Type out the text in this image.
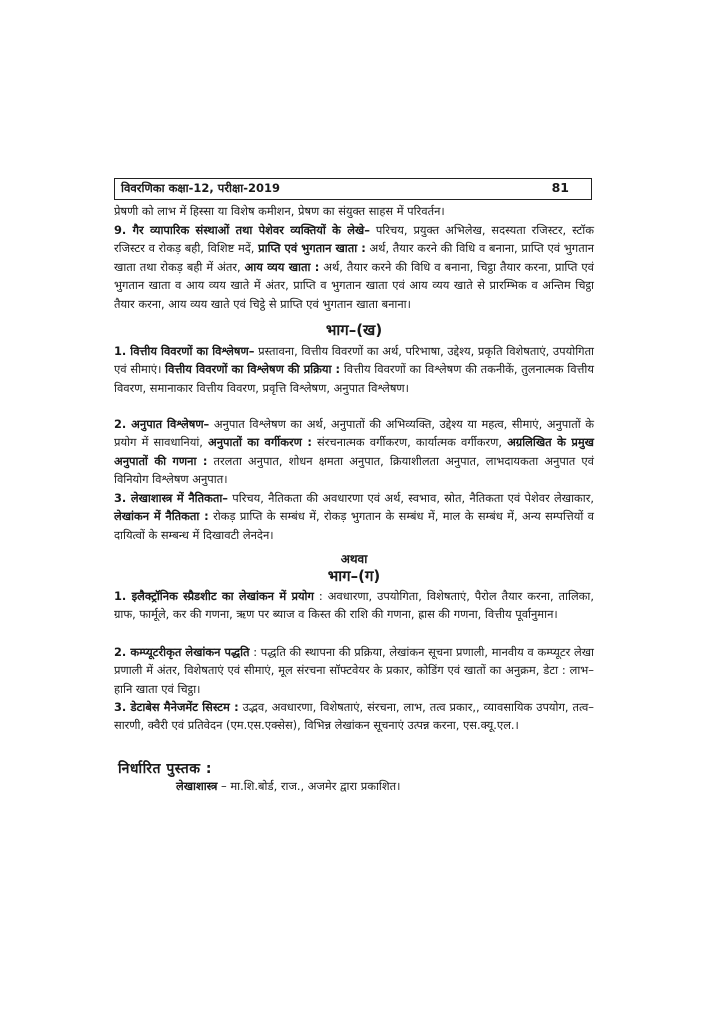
विवरणिका कक्षा-12, परीक्षा-2019	81
प्रेषणी को लाभ में हिस्सा या विशेष कमीशन, प्रेषण का संयुक्त साहस में परिवर्तन।
9. गैर व्यापारिक संस्थाओं तथा पेशेवर व्यक्तियों के लेखे– परिचय, प्रयुक्त अभिलेख, सदस्यता रजिस्टर, स्टॉक रजिस्टर व रोकड़ बही, विशिष्ट मदें, प्राप्ति एवं भुगतान खाता : अर्थ, तैयार करने की विधि व बनाना, प्राप्ति एवं भुगतान खाता तथा रोकड़ बही में अंतर, आय व्यय खाता : अर्थ, तैयार करने की विधि व बनाना, चिट्ठा तैयार करना, प्राप्ति एवं भुगतान खाता व आय व्यय खाते में अंतर, प्राप्ति व भुगतान खाता एवं आय व्यय खाते से प्रारम्भिक व अन्तिम चिट्ठा तैयार करना, आय व्यय खाते एवं चिट्ठे से प्राप्ति एवं भुगतान खाता बनाना।
भाग–(ख)
1. वित्तीय विवरणों का विश्लेषण– प्रस्तावना, वित्तीय विवरणों का अर्थ, परिभाषा, उद्देश्य, प्रकृति विशेषताएं, उपयोगिता एवं सीमाएं। वित्तीय विवरणों का विश्लेषण की प्रक्रिया : वित्तीय विवरणों का विश्लेषण की तकनीकें, तुलनात्मक वित्तीय विवरण, समानाकार वित्तीय विवरण, प्रवृत्ति विश्लेषण, अनुपात विश्लेषण।
2. अनुपात विश्लेषण– अनुपात विश्लेषण का अर्थ, अनुपातों की अभिव्यक्ति, उद्देश्य या महत्व, सीमाएं, अनुपातों के प्रयोग में सावधानियां, अनुपातों का वर्गीकरण : संरचनात्मक वर्गीकरण, कार्यात्मक वर्गीकरण, अग्रलिखित के प्रमुख अनुपातों की गणना : तरलता अनुपात, शोधन क्षमता अनुपात, क्रियाशीलता अनुपात, लाभदायकता अनुपात एवं विनियोग विश्लेषण अनुपात।
3. लेखाशास्त्र में नैतिकता– परिचय, नैतिकता की अवधारणा एवं अर्थ, स्वभाव, स्रोत, नैतिकता एवं पेशेवर लेखाकार, लेखांकन में नैतिकता : रोकड़ प्राप्ति के सम्बंध में, रोकड़ भुगतान के सम्बंध में, माल के सम्बंध में, अन्य सम्पत्तियों व दायित्वों के सम्बन्ध में दिखावटी लेनदेन।
अथवा
भाग–(ग)
1. इलैक्ट्रॉनिक स्प्रैडशीट का लेखांकन में प्रयोग : अवधारणा, उपयोगिता, विशेषताएं, पैरोल तैयार करना, तालिका, ग्राफ, फार्मूले, कर की गणना, ऋण पर ब्याज व किस्त की राशि की गणना, ह्रास की गणना, वित्तीय पूर्वानुमान।
2. कम्प्यूटरीकृत लेखांकन पद्धति : पद्धति की स्थापना की प्रक्रिया, लेखांकन सूचना प्रणाली, मानवीय व कम्प्यूटर लेखा प्रणाली में अंतर, विशेषताएं एवं सीमाएं, मूल संरचना सॉफ्टवेयर के प्रकार, कोडिंग एवं खातों का अनुक्रम, डेटा : लाभ–हानि खाता एवं चिट्ठा।
3. डेटाबेस मैनेजमेंट सिस्टम : उद्भव, अवधारणा, विशेषताएं, संरचना, लाभ, तत्व प्रकार,, व्यावसायिक उपयोग, तत्व–सारणी, क्वैरी एवं प्रतिवेदन (एम.एस.एक्सेस), विभिन्न लेखांकन सूचनाएं उत्पन्न करना, एस.क्यू.एल.।
निर्धारित पुस्तक :
लेखाशास्त्र – मा.शि.बोर्ड, राज., अजमेर द्वारा प्रकाशित।
